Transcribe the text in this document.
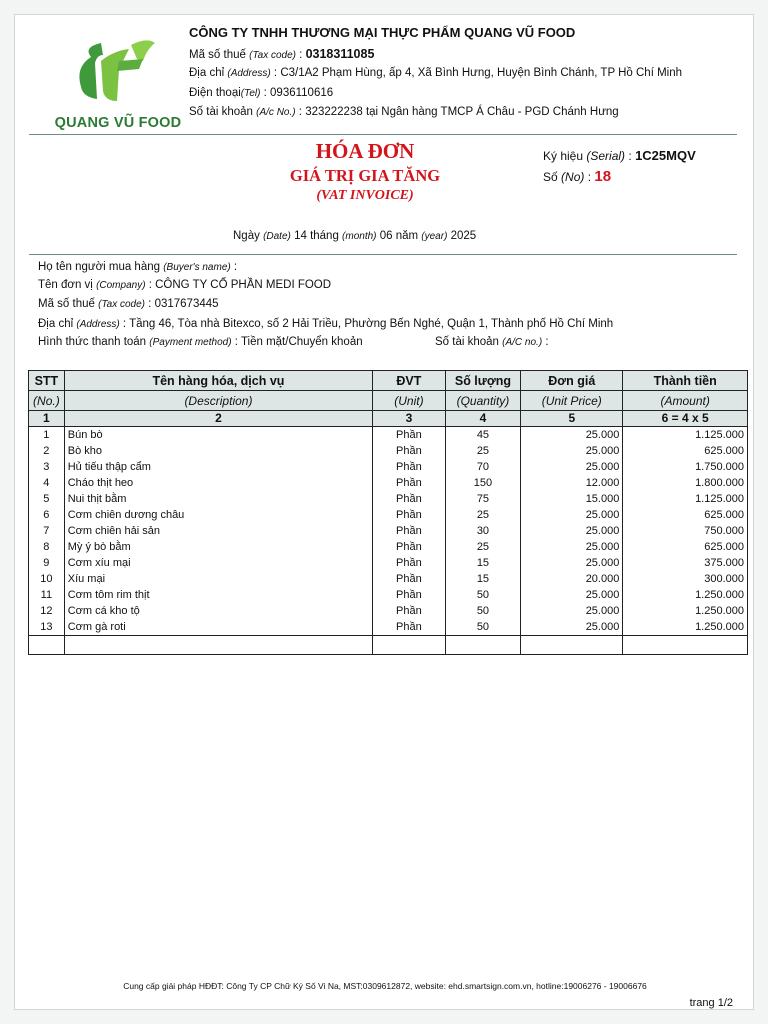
QUANG VŨ FOOD
CÔNG TY TNHH THƯƠNG MẠI THỰC PHẨM QUANG VŨ FOOD
Mã số thuế (Tax code) : 0318311085
Địa chỉ (Address) : C3/1A2 Phạm Hùng, ấp 4, Xã Bình Hưng, Huyện Bình Chánh, TP Hồ Chí Minh
Điện thoại(Tel) : 0936110616
Số tài khoản (A/c No.) : 323222238 tại Ngân hàng TMCP Á Châu - PGD Chánh Hưng
HÓA ĐƠN
GIÁ TRỊ GIA TĂNG
(VAT INVOICE)
Ký hiệu (Serial) : 1C25MQV
Số (No) : 18
Ngày (Date) 14 tháng (month) 06 năm (year) 2025
Họ tên người mua hàng (Buyer's name) :
Tên đơn vị (Company) : CÔNG TY CỔ PHẦN MEDI FOOD
Mã số thuế (Tax code) : 0317673445
Địa chỉ (Address) : Tầng 46, Tòa nhà Bitexco, số 2 Hải Triều, Phường Bến Nghé, Quận 1, Thành phố Hồ Chí Minh
Hình thức thanh toán (Payment method) : Tiền mặt/Chuyển khoản	Số tài khoản (A/C no.) :
STT	Tên hàng hóa, dịch vụ	ĐVT	Số lượng	Đơn giá	Thành tiền
(No.)	(Description)	(Unit)	(Quantity)	(Unit Price)	(Amount)
1	2	3	4	5	6 = 4 x 5
1	Bún bò	Phần	45	25.000	1.125.000
2	Bò kho	Phần	25	25.000	625.000
3	Hủ tiếu thập cẩm	Phần	70	25.000	1.750.000
4	Cháo thịt heo	Phần	150	12.000	1.800.000
5	Nui thịt bằm	Phần	75	15.000	1.125.000
6	Cơm chiên dương châu	Phần	25	25.000	625.000
7	Cơm chiên hải sản	Phần	30	25.000	750.000
8	Mỳ ý bò bằm	Phần	25	25.000	625.000
9	Cơm xíu mại	Phần	15	25.000	375.000
10	Xíu mại	Phần	15	20.000	300.000
11	Cơm tôm rim thịt	Phần	50	25.000	1.250.000
12	Cơm cá kho tộ	Phần	50	25.000	1.250.000
13	Cơm gà roti	Phần	50	25.000	1.250.000

Cung cấp giải pháp HĐĐT: Công Ty CP Chữ Ký Số Vi Na, MST:0309612872, website: ehd.smartsign.com.vn, hotline:19006276 - 19006676
trang 1/2
